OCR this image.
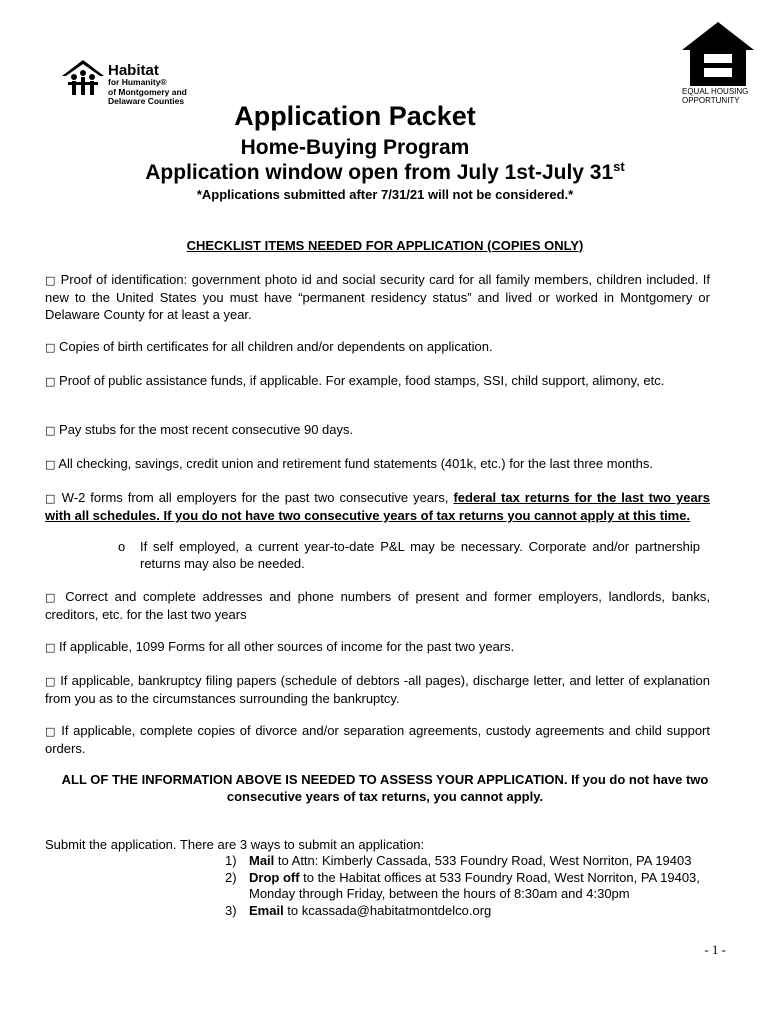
Habitat
for Humanity®
of Montgomery and
Delaware Counties
EQUAL HOUSING
OPPORTUNITY
Application Packet
Home-Buying Program
Application window open from July 1st-July 31st
*Applications submitted after 7/31/21 will not be considered.*
CHECKLIST ITEMS NEEDED FOR APPLICATION (COPIES ONLY)
□ Proof of identification: government photo id and social security card for all family members, children included. If new to the United States you must have “permanent residency status” and lived or worked in Montgomery or Delaware County for at least a year.
□ Copies of birth certificates for all children and/or dependents on application.
□ Proof of public assistance funds, if applicable. For example, food stamps, SSI, child support, alimony, etc.
□ Pay stubs for the most recent consecutive 90 days.
□ All checking, savings, credit union and retirement fund statements (401k, etc.) for the last three months.
□ W-2 forms from all employers for the past two consecutive years, federal tax returns for the last two years with all schedules. If you do not have two consecutive years of tax returns you cannot apply at this time.
o If self employed, a current year-to-date P&L may be necessary. Corporate and/or partnership returns may also be needed.
□ Correct and complete addresses and phone numbers of present and former employers, landlords, banks, creditors, etc. for the last two years
□ If applicable, 1099 Forms for all other sources of income for the past two years.
□ If applicable, bankruptcy filing papers (schedule of debtors -all pages), discharge letter, and letter of explanation from you as to the circumstances surrounding the bankruptcy.
□ If applicable, complete copies of divorce and/or separation agreements, custody agreements and child support orders.
ALL OF THE INFORMATION ABOVE IS NEEDED TO ASSESS YOUR APPLICATION. If you do not have two consecutive years of tax returns, you cannot apply.
Submit the application. There are 3 ways to submit an application:
1) Mail to Attn: Kimberly Cassada, 533 Foundry Road, West Norriton, PA 19403
2) Drop off to the Habitat offices at 533 Foundry Road, West Norriton, PA 19403, Monday through Friday, between the hours of 8:30am and 4:30pm
3) Email to kcassada@habitatmontdelco.org
- 1 -
